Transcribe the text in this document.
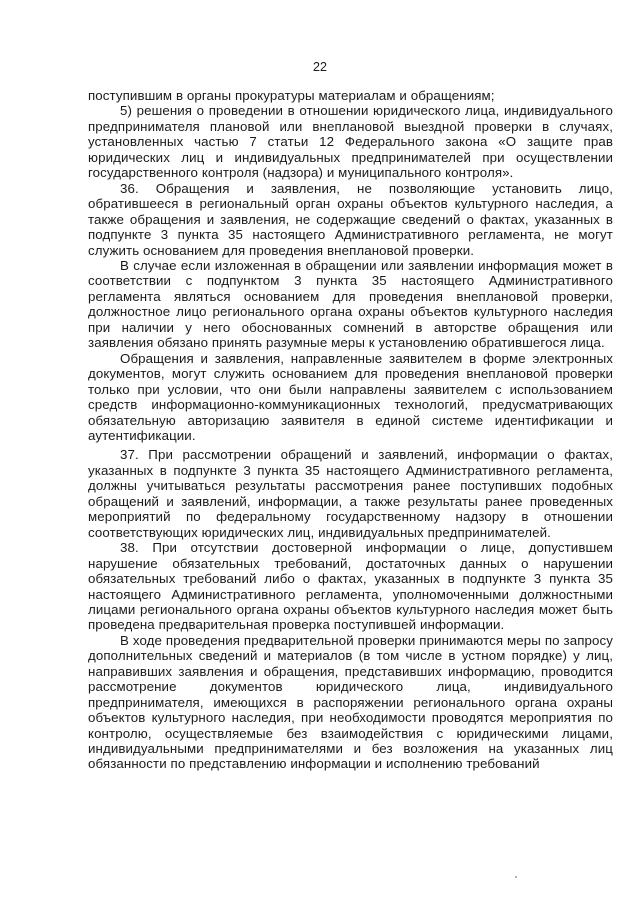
22

поступившим в органы прокуратуры материалам и обращениям;

5) решения о проведении в отношении юридического лица, индивидуального предпринимателя плановой или внеплановой выездной проверки в случаях, установленных частью 7 статьи 12 Федерального закона «О защите прав юридических лиц и индивидуальных предпринимателей при осуществлении государственного контроля (надзора) и муниципального контроля».

36. Обращения и заявления, не позволяющие установить лицо, обратившееся в региональный орган охраны объектов культурного наследия, а также обращения и заявления, не содержащие сведений о фактах, указанных в подпункте 3 пункта 35 настоящего Административного регламента, не могут служить основанием для проведения внеплановой проверки.

В случае если изложенная в обращении или заявлении информация может в соответствии с подпунктом 3 пункта 35 настоящего Административного регламента являться основанием для проведения внеплановой проверки, должностное лицо регионального органа охраны объектов культурного наследия при наличии у него обоснованных сомнений в авторстве обращения или заявления обязано принять разумные меры к установлению обратившегося лица.

Обращения и заявления, направленные заявителем в форме электронных документов, могут служить основанием для проведения внеплановой проверки только при условии, что они были направлены заявителем с использованием средств информационно-коммуникационных технологий, предусматривающих обязательную авторизацию заявителя в единой системе идентификации и аутентификации.

37. При рассмотрении обращений и заявлений, информации о фактах, указанных в подпункте 3 пункта 35 настоящего Административного регламента, должны учитываться результаты рассмотрения ранее поступивших подобных обращений и заявлений, информации, а также результаты ранее проведенных мероприятий по федеральному государственному надзору в отношении соответствующих юридических лиц, индивидуальных предпринимателей.

38. При отсутствии достоверной информации о лице, допустившем нарушение обязательных требований, достаточных данных о нарушении обязательных требований либо о фактах, указанных в подпункте 3 пункта 35 настоящего Административного регламента, уполномоченными должностными лицами регионального органа охраны объектов культурного наследия может быть проведена предварительная проверка поступившей информации.

В ходе проведения предварительной проверки принимаются меры по запросу дополнительных сведений и материалов (в том числе в устном порядке) у лиц, направивших заявления и обращения, представивших информацию, проводится рассмотрение документов юридического лица, индивидуального предпринимателя, имеющихся в распоряжении регионального органа охраны объектов культурного наследия, при необходимости проводятся мероприятия по контролю, осуществляемые без взаимодействия с юридическими лицами, индивидуальными предпринимателями и без возложения на указанных лиц обязанности по представлению информации и исполнению требований
